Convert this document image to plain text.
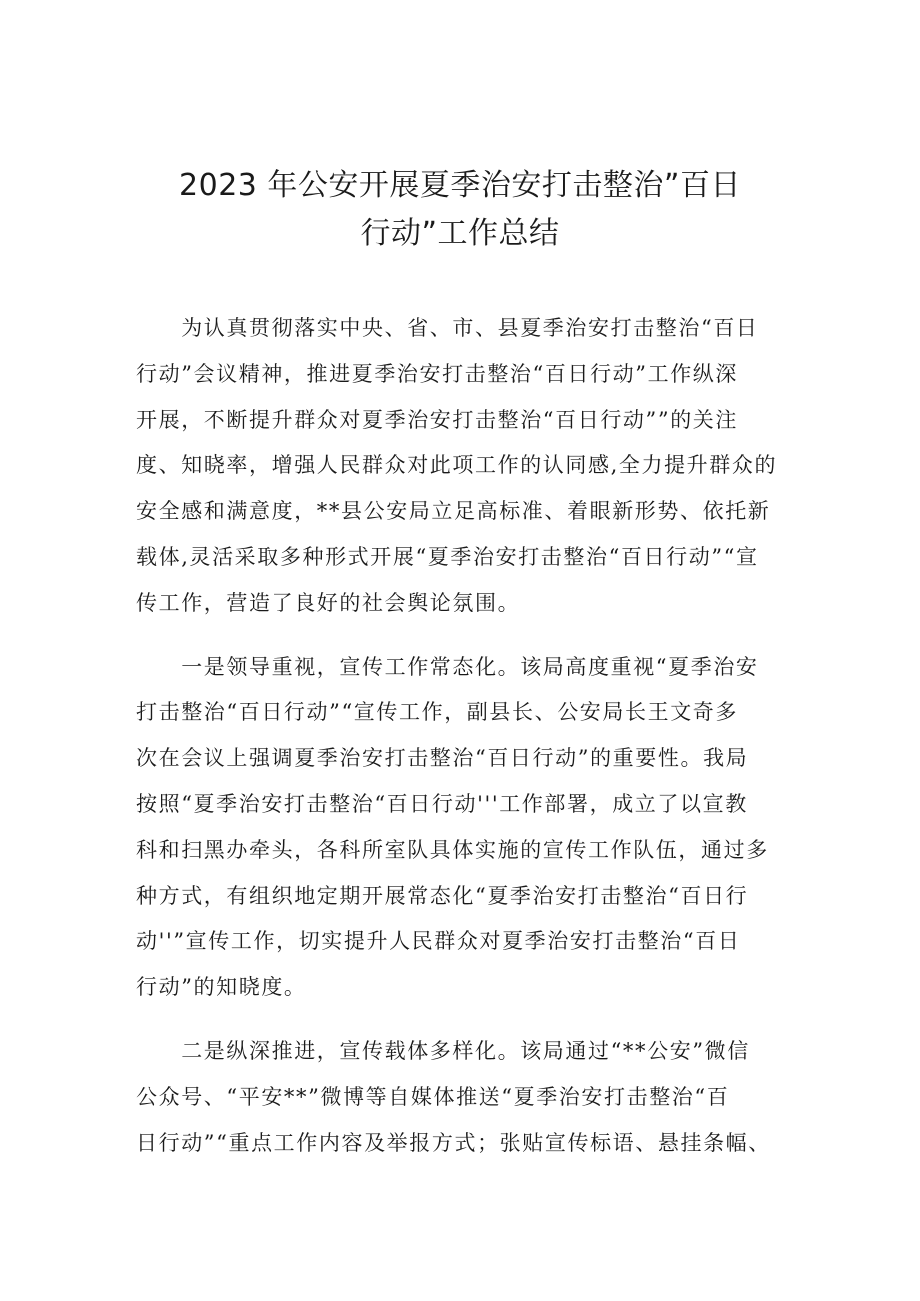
2023 年公安开展夏季治安打击整治”百日
行动”工作总结

　　为认真贯彻落实中央、省、市、县夏季治安打击整治“百日
行动”会议精神，推进夏季治安打击整治“百日行动”工作纵深
开展，不断提升群众对夏季治安打击整治“百日行动””的关注
度、知晓率，增强人民群众对此项工作的认同感,全力提升群众的
安全感和满意度，**县公安局立足高标准、着眼新形势、依托新
载体,灵活采取多种形式开展“夏季治安打击整治“百日行动”“宣
传工作，营造了良好的社会舆论氛围。

　　一是领导重视，宣传工作常态化。该局高度重视“夏季治安
打击整治“百日行动”“宣传工作，副县长、公安局长王文奇多
次在会议上强调夏季治安打击整治“百日行动”的重要性。我局
按照“夏季治安打击整治“百日行动'''工作部署，成立了以宣教
科和扫黑办牵头，各科所室队具体实施的宣传工作队伍，通过多
种方式，有组织地定期开展常态化“夏季治安打击整治“百日行
动''”宣传工作，切实提升人民群众对夏季治安打击整治“百日
行动”的知晓度。

　　二是纵深推进，宣传载体多样化。该局通过“**公安”微信
公众号、“平安**”微博等自媒体推送“夏季治安打击整治“百
日行动”“重点工作内容及举报方式；张贴宣传标语、悬挂条幅、
